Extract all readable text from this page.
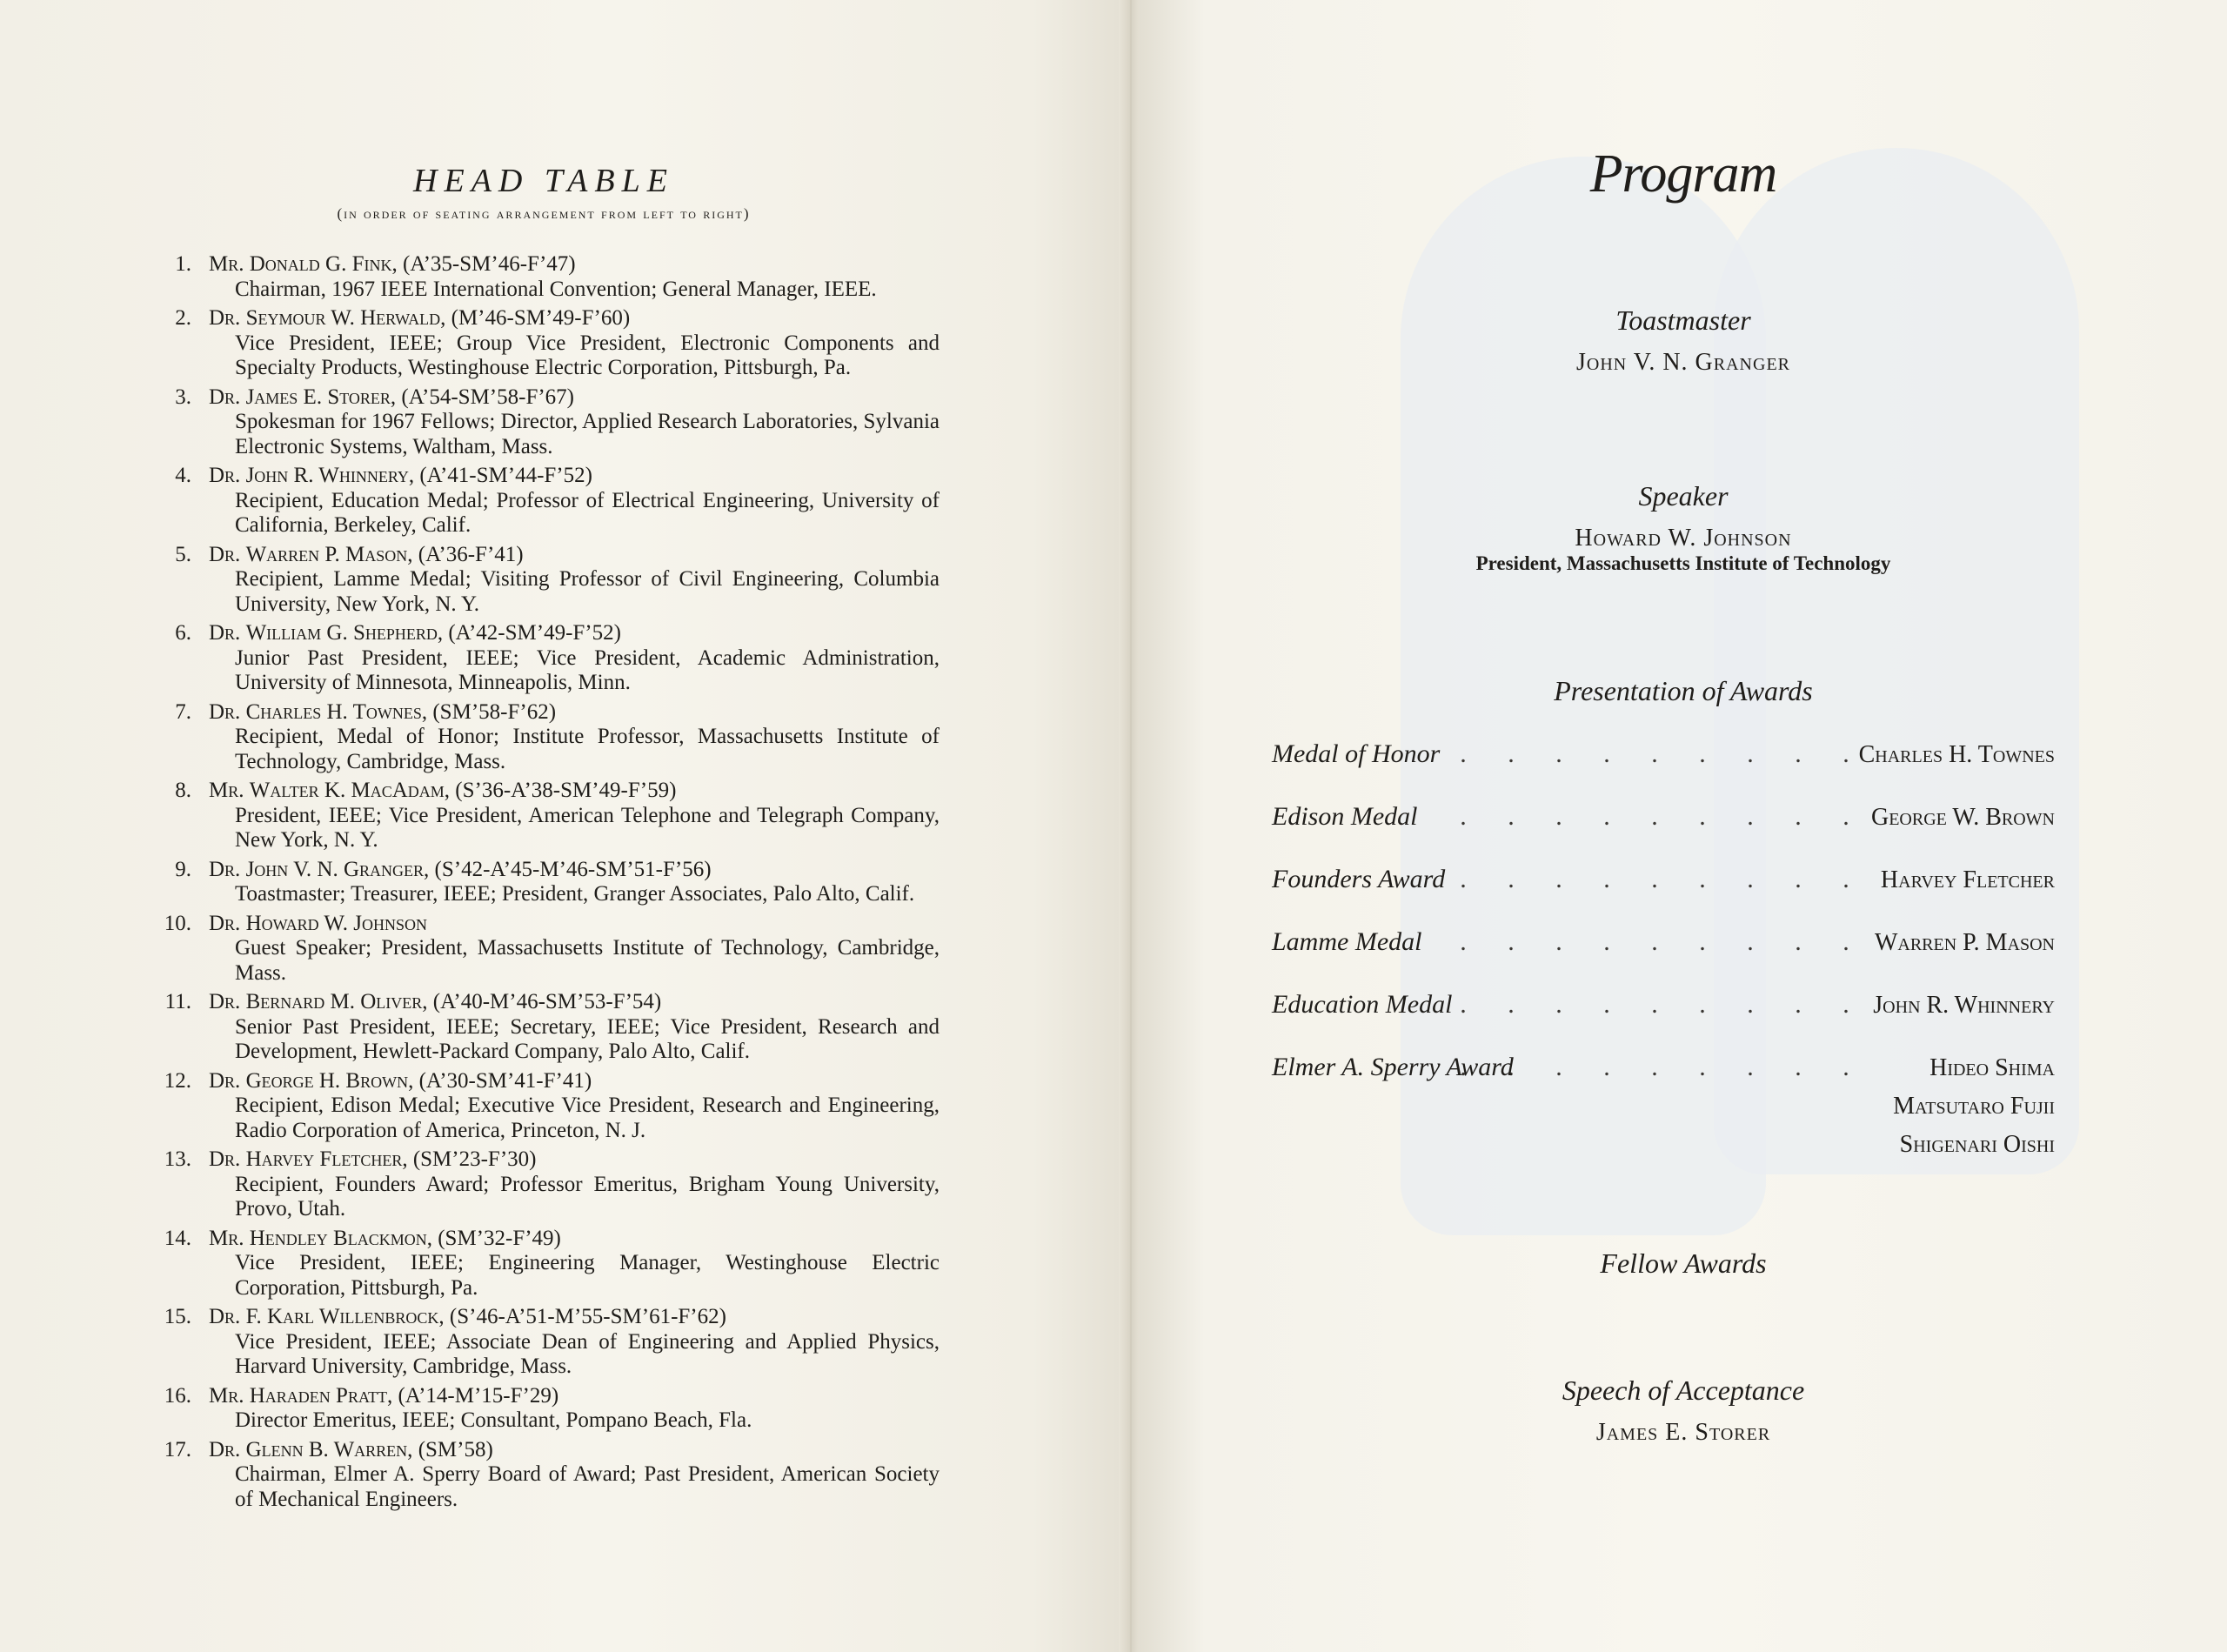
HEAD TABLE
(in order of seating arrangement from left to right)
1. Mr. Donald G. Fink, (A’35-SM’46-F’47)
Chairman, 1967 IEEE International Convention; General Manager, IEEE.
2. Dr. Seymour W. Herwald, (M’46-SM’49-F’60)
Vice President, IEEE; Group Vice President, Electronic Components and Specialty Products, Westinghouse Electric Corporation, Pittsburgh, Pa.
3. Dr. James E. Storer, (A’54-SM’58-F’67)
Spokesman for 1967 Fellows; Director, Applied Research Laboratories, Sylvania Electronic Systems, Waltham, Mass.
4. Dr. John R. Whinnery, (A’41-SM’44-F’52)
Recipient, Education Medal; Professor of Electrical Engineering, University of California, Berkeley, Calif.
5. Dr. Warren P. Mason, (A’36-F’41)
Recipient, Lamme Medal; Visiting Professor of Civil Engineering, Columbia University, New York, N. Y.
6. Dr. William G. Shepherd, (A’42-SM’49-F’52)
Junior Past President, IEEE; Vice President, Academic Administration, University of Minnesota, Minneapolis, Minn.
7. Dr. Charles H. Townes, (SM’58-F’62)
Recipient, Medal of Honor; Institute Professor, Massachusetts Institute of Technology, Cambridge, Mass.
8. Mr. Walter K. MacAdam, (S’36-A’38-SM’49-F’59)
President, IEEE; Vice President, American Telephone and Telegraph Company, New York, N. Y.
9. Dr. John V. N. Granger, (S’42-A’45-M’46-SM’51-F’56)
Toastmaster; Treasurer, IEEE; President, Granger Associates, Palo Alto, Calif.
10. Dr. Howard W. Johnson
Guest Speaker; President, Massachusetts Institute of Technology, Cambridge, Mass.
11. Dr. Bernard M. Oliver, (A’40-M’46-SM’53-F’54)
Senior Past President, IEEE; Secretary, IEEE; Vice President, Research and Development, Hewlett-Packard Company, Palo Alto, Calif.
12. Dr. George H. Brown, (A’30-SM’41-F’41)
Recipient, Edison Medal; Executive Vice President, Research and Engineering, Radio Corporation of America, Princeton, N. J.
13. Dr. Harvey Fletcher, (SM’23-F’30)
Recipient, Founders Award; Professor Emeritus, Brigham Young University, Provo, Utah.
14. Mr. Hendley Blackmon, (SM’32-F’49)
Vice President, IEEE; Engineering Manager, Westinghouse Electric Corporation, Pittsburgh, Pa.
15. Dr. F. Karl Willenbrock, (S’46-A’51-M’55-SM’61-F’62)
Vice President, IEEE; Associate Dean of Engineering and Applied Physics, Harvard University, Cambridge, Mass.
16. Mr. Haraden Pratt, (A’14-M’15-F’29)
Director Emeritus, IEEE; Consultant, Pompano Beach, Fla.
17. Dr. Glenn B. Warren, (SM’58)
Chairman, Elmer A. Sperry Board of Award; Past President, American Society of Mechanical Engineers.
Program
Toastmaster
John V. N. Granger
Speaker
Howard W. Johnson
President, Massachusetts Institute of Technology
Presentation of Awards
. . . . . . . . .
Medal of Honor	Charles H. Townes
. . . . . . . . .
Edison Medal	George W. Brown
. . . . . . . . .
Founders Award	Harvey Fletcher
. . . . . . . . .
Lamme Medal	Warren P. Mason
. . . . . . . . .
Education Medal	John R. Whinnery
. . . . . . . . .
Elmer A. Sperry Award	Hideo Shima
Matsutaro Fujii
Shigenari Oishi
Fellow Awards
Speech of Acceptance
James E. Storer
